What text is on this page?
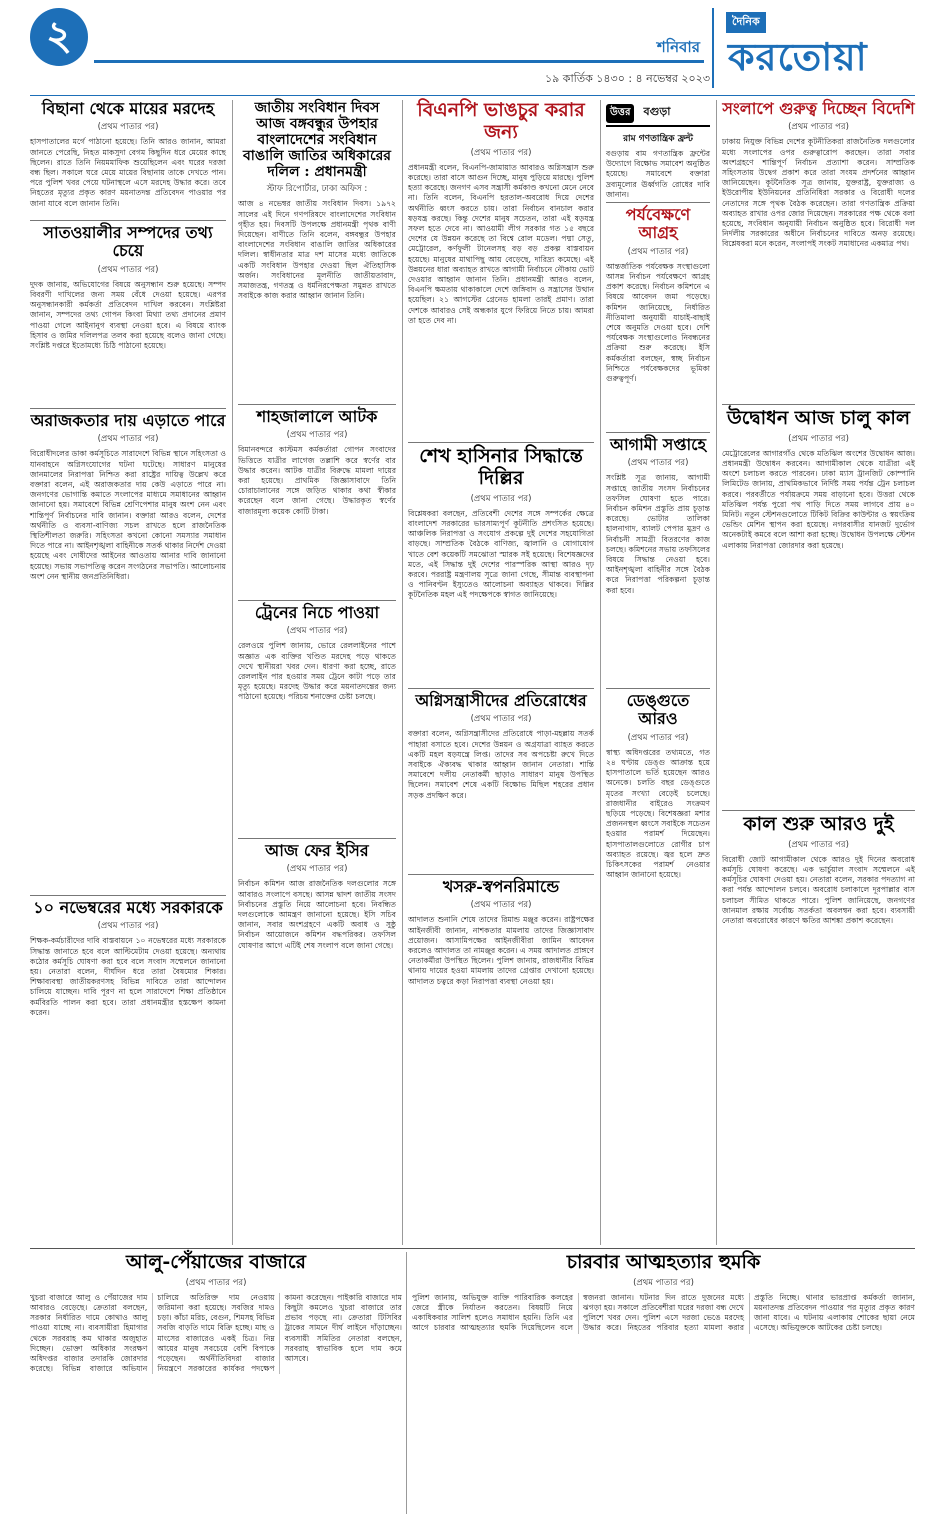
২	শনিবার
১৯ কার্তিক ১৪৩০ : ৪ নভেম্বর ২০২৩
দৈনিক
করতোয়া
বিছানা থেকে মায়ের মরদেহ
(প্রথম পাতার পর)

হাসপাতালের মর্গে পাঠানো হয়েছে। তিনি আরও জানান, আমরা জানতে পেরেছি, নিহত মাকসুদা বেগম কিছুদিন ধরে মেয়ের কাছে ছিলেন। রাতে তিনি নিয়মমাফিক শুয়েছিলেন এবং ঘরের দরজা বন্ধ ছিল। সকালে ঘরে মেয়ে মায়ের বিছানায় তাকে দেখতে পান। পরে পুলিশ খবর পেয়ে ঘটনাস্থলে এসে মরদেহ উদ্ধার করে। তবে নিহতের মৃত্যুর প্রকৃত কারণ ময়নাতদন্ত প্রতিবেদন পাওয়ার পর জানা যাবে বলে জানান তিনি।

সাতওয়ালীর সম্পদের তথ্য চেয়ে
(প্রথম পাতার পর)

দুদক জানায়, অভিযোগের বিষয়ে অনুসন্ধান শুরু হয়েছে। সম্পদ বিবরণী দাখিলের জন্য সময় বেঁধে দেওয়া হয়েছে। এরপর অনুসন্ধানকারী কর্মকর্তা প্রতিবেদন দাখিল করবেন। সংশ্লিষ্টরা জানান, সম্পদের তথ্য গোপন কিংবা মিথ্যা তথ্য প্রদানের প্রমাণ পাওয়া গেলে আইনানুগ ব্যবস্থা নেওয়া হবে। এ বিষয়ে ব্যাংক হিসাব ও জমির দলিলপত্র তলব করা হয়েছে বলেও জানা গেছে। সংশ্লিষ্ট দপ্তরে ইতোমধ্যে চিঠি পাঠানো হয়েছে।

অরাজকতার দায় এড়াতে পারে
(প্রথম পাতার পর)

বিরোধীদলের ডাকা কর্মসূচিতে সারাদেশে বিভিন্ন স্থানে সহিংসতা ও যানবাহনে অগ্নিসংযোগের ঘটনা ঘটেছে। সাধারণ মানুষের জানমালের নিরাপত্তা নিশ্চিত করা রাষ্ট্রের দায়িত্ব উল্লেখ করে বক্তারা বলেন, এই অরাজকতার দায় কেউ এড়াতে পারে না। জনগণের ভোগান্তি কমাতে সংলাপের মাধ্যমে সমাধানের আহ্বান জানানো হয়। সমাবেশে বিভিন্ন শ্রেণিপেশার মানুষ অংশ নেন এবং শান্তিপূর্ণ নির্বাচনের দাবি জানান। বক্তারা আরও বলেন, দেশের অর্থনীতি ও ব্যবসা-বাণিজ্য সচল রাখতে হলে রাজনৈতিক স্থিতিশীলতা জরুরি। সহিংসতা কখনো কোনো সমস্যার সমাধান দিতে পারে না। আইনশৃঙ্খলা বাহিনীকে সতর্ক থাকার নির্দেশ দেওয়া হয়েছে এবং দোষীদের আইনের আওতায় আনার দাবি জানানো হয়েছে। সভায় সভাপতিত্ব করেন সংগঠনের সভাপতি। আলোচনায় অংশ নেন স্থানীয় জনপ্রতিনিধিরা।

১০ নভেম্বরের মধ্যে সরকারকে
(প্রথম পাতার পর)

শিক্ষক-কর্মচারীদের দাবি বাস্তবায়নে ১০ নভেম্বরের মধ্যে সরকারকে সিদ্ধান্ত জানাতে হবে বলে আল্টিমেটাম দেওয়া হয়েছে। অন্যথায় কঠোর কর্মসূচি ঘোষণা করা হবে বলে সংবাদ সম্মেলনে জানানো হয়। নেতারা বলেন, দীর্ঘদিন ধরে তারা বৈষম্যের শিকার। শিক্ষাব্যবস্থা জাতীয়করণসহ বিভিন্ন দাবিতে তারা আন্দোলন চালিয়ে যাচ্ছেন। দাবি পূরণ না হলে সারাদেশে শিক্ষা প্রতিষ্ঠানে কর্মবিরতি পালন করা হবে। তারা প্রধানমন্ত্রীর হস্তক্ষেপ কামনা করেন।

জাতীয় সংবিধান দিবস আজ বঙ্গবন্ধুর উপহার বাংলাদেশের সংবিধান বাঙালি জাতির অধিকারের দলিল : প্রধানমন্ত্রী
স্টাফ রিপোর্টার, ঢাকা অফিস :

আজ ৪ নভেম্বর জাতীয় সংবিধান দিবস। ১৯৭২ সালের এই দিনে গণপরিষদে বাংলাদেশের সংবিধান গৃহীত হয়। দিবসটি উপলক্ষে প্রধানমন্ত্রী পৃথক বাণী দিয়েছেন। বাণীতে তিনি বলেন, বঙ্গবন্ধুর উপহার বাংলাদেশের সংবিধান বাঙালি জাতির অধিকারের দলিল। স্বাধীনতার মাত্র দশ মাসের মধ্যে জাতিকে একটি সংবিধান উপহার দেওয়া ছিল ঐতিহাসিক অর্জন। সংবিধানের মূলনীতি জাতীয়তাবাদ, সমাজতন্ত্র, গণতন্ত্র ও ধর্মনিরপেক্ষতা সমুন্নত রাখতে সবাইকে কাজ করার আহ্বান জানান তিনি।

শাহজালালে আটক
(প্রথম পাতার পর)

বিমানবন্দরে কাস্টমস কর্মকর্তারা গোপন সংবাদের ভিত্তিতে যাত্রীর লাগেজ তল্লাশি করে স্বর্ণের বার উদ্ধার করেন। আটক যাত্রীর বিরুদ্ধে মামলা দায়ের করা হয়েছে। প্রাথমিক জিজ্ঞাসাবাদে তিনি চোরাচালানের সঙ্গে জড়িত থাকার কথা স্বীকার করেছেন বলে জানা গেছে। উদ্ধারকৃত স্বর্ণের বাজারমূল্য কয়েক কোটি টাকা।

ট্রেনের নিচে পাওয়া
(প্রথম পাতার পর)

রেলওয়ে পুলিশ জানায়, ভোরে রেললাইনের পাশে অজ্ঞাত এক ব্যক্তির খণ্ডিত মরদেহ পড়ে থাকতে দেখে স্থানীয়রা খবর দেন। ধারণা করা হচ্ছে, রাতে রেললাইন পার হওয়ার সময় ট্রেনে কাটা পড়ে তার মৃত্যু হয়েছে। মরদেহ উদ্ধার করে ময়নাতদন্তের জন্য পাঠানো হয়েছে। পরিচয় শনাক্তের চেষ্টা চলছে।

আজ ফের ইসির
(প্রথম পাতার পর)

নির্বাচন কমিশন আজ রাজনৈতিক দলগুলোর সঙ্গে আবারও সংলাপে বসছে। আসন্ন দ্বাদশ জাতীয় সংসদ নির্বাচনের প্রস্তুতি নিয়ে আলোচনা হবে। নিবন্ধিত দলগুলোকে আমন্ত্রণ জানানো হয়েছে। ইসি সচিব জানান, সবার অংশগ্রহণে একটি অবাধ ও সুষ্ঠু নির্বাচন আয়োজনে কমিশন বদ্ধপরিকর। তফসিল ঘোষণার আগে এটিই শেষ সংলাপ বলে জানা গেছে।

বিএনপি ভাঙচুর করার জন্য
(প্রথম পাতার পর)

প্রধানমন্ত্রী বলেন, বিএনপি-জামায়াত আবারও অগ্নিসন্ত্রাস শুরু করেছে। তারা বাসে আগুন দিচ্ছে, মানুষ পুড়িয়ে মারছে। পুলিশ হত্যা করেছে। জনগণ এসব সন্ত্রাসী কর্মকাণ্ড কখনো মেনে নেবে না। তিনি বলেন, বিএনপি হরতাল-অবরোধ দিয়ে দেশের অর্থনীতি ধ্বংস করতে চায়। তারা নির্বাচন বানচাল করার ষড়যন্ত্র করছে। কিন্তু দেশের মানুষ সচেতন, তারা এই ষড়যন্ত্র সফল হতে দেবে না। আওয়ামী লীগ সরকার গত ১৫ বছরে দেশের যে উন্নয়ন করেছে তা বিশ্বে রোল মডেল। পদ্মা সেতু, মেট্রোরেল, কর্ণফুলী টানেলসহ বড় বড় প্রকল্প বাস্তবায়ন হয়েছে। মানুষের মাথাপিছু আয় বেড়েছে, দারিদ্র্য কমেছে। এই উন্নয়নের ধারা অব্যাহত রাখতে আগামী নির্বাচনে নৌকায় ভোট দেওয়ার আহ্বান জানান তিনি। প্রধানমন্ত্রী আরও বলেন, বিএনপি ক্ষমতায় থাকাকালে দেশে জঙ্গিবাদ ও সন্ত্রাসের উত্থান হয়েছিল। ২১ আগস্টের গ্রেনেড হামলা তারই প্রমাণ। তারা দেশকে আবারও সেই অন্ধকার যুগে ফিরিয়ে নিতে চায়। আমরা তা হতে দেব না।

শেখ হাসিনার সিদ্ধান্তে দিল্লির
(প্রথম পাতার পর)

বিশ্লেষকরা বলছেন, প্রতিবেশী দেশের সঙ্গে সম্পর্কের ক্ষেত্রে বাংলাদেশ সরকারের ভারসাম্যপূর্ণ কূটনীতি প্রশংসিত হয়েছে। আঞ্চলিক নিরাপত্তা ও সংযোগ প্রকল্পে দুই দেশের সহযোগিতা বাড়ছে। সাম্প্রতিক বৈঠকে বাণিজ্য, জ্বালানি ও যোগাযোগ খাতে বেশ কয়েকটি সমঝোতা স্মারক সই হয়েছে। বিশেষজ্ঞদের মতে, এই সিদ্ধান্ত দুই দেশের পারস্পরিক আস্থা আরও দৃঢ় করবে। পররাষ্ট্র মন্ত্রণালয় সূত্রে জানা গেছে, সীমান্ত ব্যবস্থাপনা ও পানিবণ্টন ইস্যুতেও আলোচনা অব্যাহত থাকবে। দিল্লির কূটনৈতিক মহল এই পদক্ষেপকে স্বাগত জানিয়েছে।

অগ্নিসন্ত্রাসীদের প্রতিরোধের
(প্রথম পাতার পর)

বক্তারা বলেন, অগ্নিসন্ত্রাসীদের প্রতিরোধে পাড়া-মহল্লায় সতর্ক পাহারা বসাতে হবে। দেশের উন্নয়ন ও অগ্রযাত্রা ব্যাহত করতে একটি মহল ষড়যন্ত্রে লিপ্ত। তাদের সব অপচেষ্টা রুখে দিতে সবাইকে ঐক্যবদ্ধ থাকার আহ্বান জানান নেতারা। শান্তি সমাবেশে দলীয় নেতাকর্মী ছাড়াও সাধারণ মানুষ উপস্থিত ছিলেন। সমাবেশ শেষে একটি বিক্ষোভ মিছিল শহরের প্রধান সড়ক প্রদক্ষিণ করে।

খসরু-স্বপনরিমান্ডে
(প্রথম পাতার পর)

আদালত শুনানি শেষে তাদের রিমান্ড মঞ্জুর করেন। রাষ্ট্রপক্ষের আইনজীবী জানান, নাশকতার মামলায় তাদের জিজ্ঞাসাবাদ প্রয়োজন। আসামিপক্ষের আইনজীবীরা জামিন আবেদন করলেও আদালত তা নামঞ্জুর করেন। এ সময় আদালত প্রাঙ্গণে নেতাকর্মীরা উপস্থিত ছিলেন। পুলিশ জানায়, রাজধানীর বিভিন্ন থানায় দায়ের হওয়া মামলায় তাদের গ্রেপ্তার দেখানো হয়েছে। আদালত চত্বরে কড়া নিরাপত্তা ব্যবস্থা নেওয়া হয়।

উত্তর বগুড়া
রাম গণতান্ত্রিক ফ্রন্ট

বগুড়ায় বাম গণতান্ত্রিক ফ্রন্টের উদ্যোগে বিক্ষোভ সমাবেশ অনুষ্ঠিত হয়েছে। সমাবেশে বক্তারা দ্রব্যমূল্যের ঊর্ধ্বগতি রোধের দাবি জানান।

পর্যবেক্ষণে আগ্রহ
(প্রথম পাতার পর)

আন্তর্জাতিক পর্যবেক্ষক সংস্থাগুলো আসন্ন নির্বাচন পর্যবেক্ষণে আগ্রহ প্রকাশ করেছে। নির্বাচন কমিশনে এ বিষয়ে আবেদন জমা পড়েছে। কমিশন জানিয়েছে, নির্ধারিত নীতিমালা অনুযায়ী যাচাই-বাছাই শেষে অনুমতি দেওয়া হবে। দেশি পর্যবেক্ষক সংস্থাগুলোও নিবন্ধনের প্রক্রিয়া শুরু করেছে। ইসি কর্মকর্তারা বলছেন, স্বচ্ছ নির্বাচন নিশ্চিতে পর্যবেক্ষকদের ভূমিকা গুরুত্বপূর্ণ।

আগামী সপ্তাহে
(প্রথম পাতার পর)

সংশ্লিষ্ট সূত্র জানায়, আগামী সপ্তাহে জাতীয় সংসদ নির্বাচনের তফসিল ঘোষণা হতে পারে। নির্বাচন কমিশন প্রস্তুতি প্রায় চূড়ান্ত করেছে। ভোটার তালিকা হালনাগাদ, ব্যালট পেপার মুদ্রণ ও নির্বাচনী সামগ্রী বিতরণের কাজ চলছে। কমিশনের সভায় তফসিলের বিষয়ে সিদ্ধান্ত নেওয়া হবে। আইনশৃঙ্খলা বাহিনীর সঙ্গে বৈঠক করে নিরাপত্তা পরিকল্পনা চূড়ান্ত করা হবে।

ডেঙ্গুতে আরও
(প্রথম পাতার পর)

স্বাস্থ্য অধিদপ্তরের তথ্যমতে, গত ২৪ ঘণ্টায় ডেঙ্গু আক্রান্ত হয়ে হাসপাতালে ভর্তি হয়েছেন আরও অনেকে। চলতি বছর ডেঙ্গুতে মৃতের সংখ্যা বেড়েই চলেছে। রাজধানীর বাইরেও সংক্রমণ ছড়িয়ে পড়েছে। বিশেষজ্ঞরা মশার প্রজননস্থল ধ্বংসে সবাইকে সচেতন হওয়ার পরামর্শ দিয়েছেন। হাসপাতালগুলোতে রোগীর চাপ অব্যাহত রয়েছে। জ্বর হলে দ্রুত চিকিৎসকের পরামর্শ নেওয়ার আহ্বান জানানো হয়েছে।

সংলাপে গুরুত্ব দিচ্ছেন বিদেশি
(প্রথম পাতার পর)

ঢাকায় নিযুক্ত বিভিন্ন দেশের কূটনীতিকরা রাজনৈতিক দলগুলোর মধ্যে সংলাপের ওপর গুরুত্বারোপ করছেন। তারা সবার অংশগ্রহণে শান্তিপূর্ণ নির্বাচন প্রত্যাশা করেন। সাম্প্রতিক সহিংসতায় উদ্বেগ প্রকাশ করে তারা সংযম প্রদর্শনের আহ্বান জানিয়েছেন। কূটনৈতিক সূত্র জানায়, যুক্তরাষ্ট্র, যুক্তরাজ্য ও ইউরোপীয় ইউনিয়নের প্রতিনিধিরা সরকার ও বিরোধী দলের নেতাদের সঙ্গে পৃথক বৈঠক করেছেন। তারা গণতান্ত্রিক প্রক্রিয়া অব্যাহত রাখার ওপর জোর দিয়েছেন। সরকারের পক্ষ থেকে বলা হয়েছে, সংবিধান অনুযায়ী নির্বাচন অনুষ্ঠিত হবে। বিরোধী দল নির্দলীয় সরকারের অধীনে নির্বাচনের দাবিতে অনড় রয়েছে। বিশ্লেষকরা মনে করেন, সংলাপই সংকট সমাধানের একমাত্র পথ।

উদ্বোধন আজ চালু কাল
(প্রথম পাতার পর)

মেট্রোরেলের আগারগাঁও থেকে মতিঝিল অংশের উদ্বোধন আজ। প্রধানমন্ত্রী উদ্বোধন করবেন। আগামীকাল থেকে যাত্রীরা এই অংশে চলাচল করতে পারবেন। ঢাকা ম্যাস ট্রানজিট কোম্পানি লিমিটেড জানায়, প্রাথমিকভাবে নির্দিষ্ট সময় পর্যন্ত ট্রেন চলাচল করবে। পরবর্তীতে পর্যায়ক্রমে সময় বাড়ানো হবে। উত্তরা থেকে মতিঝিল পর্যন্ত পুরো পথ পাড়ি দিতে সময় লাগবে প্রায় ৪০ মিনিট। নতুন স্টেশনগুলোতে টিকিট বিক্রির কাউন্টার ও স্বয়ংক্রিয় ভেন্ডিং মেশিন স্থাপন করা হয়েছে। নগরবাসীর যানজট দুর্ভোগ অনেকটাই কমবে বলে আশা করা হচ্ছে। উদ্বোধন উপলক্ষে স্টেশন এলাকায় নিরাপত্তা জোরদার করা হয়েছে।

কাল শুরু আরও দুই
(প্রথম পাতার পর)

বিরোধী জোট আগামীকাল থেকে আরও দুই দিনের অবরোধ কর্মসূচি ঘোষণা করেছে। এক ভার্চুয়াল সংবাদ সম্মেলনে এই কর্মসূচির ঘোষণা দেওয়া হয়। নেতারা বলেন, সরকার পদত্যাগ না করা পর্যন্ত আন্দোলন চলবে। অবরোধ চলাকালে দূরপাল্লার বাস চলাচল সীমিত থাকতে পারে। পুলিশ জানিয়েছে, জনগণের জানমাল রক্ষায় সর্বোচ্চ সতর্কতা অবলম্বন করা হবে। ব্যবসায়ী নেতারা অবরোধের কারণে ক্ষতির আশঙ্কা প্রকাশ করেছেন।

আলু-পেঁয়াজের বাজারে
(প্রথম পাতার পর)

খুচরা বাজারে আলু ও পেঁয়াজের দাম আবারও বেড়েছে। ক্রেতারা বলছেন, সরকার নির্ধারিত দামে কোথাও আলু পাওয়া যাচ্ছে না। ব্যবসায়ীরা হিমাগার থেকে সরবরাহ কম থাকার অজুহাত দিচ্ছেন। ভোক্তা অধিকার সংরক্ষণ অধিদপ্তর বাজার তদারকি জোরদার করেছে। বিভিন্ন বাজারে অভিযান চালিয়ে অতিরিক্ত দাম নেওয়ায় জরিমানা করা হয়েছে। সবজির দামও চড়া। কাঁচা মরিচ, বেগুন, শিমসহ বিভিন্ন সবজি বাড়তি দামে বিক্রি হচ্ছে। মাছ ও মাংসের বাজারেও একই চিত্র। নিম্ন আয়ের মানুষ সবচেয়ে বেশি বিপাকে পড়েছেন। অর্থনীতিবিদরা বাজার নিয়ন্ত্রণে সরকারের কার্যকর পদক্ষেপ কামনা করেছেন। পাইকারি বাজারে দাম কিছুটা কমলেও খুচরা বাজারে তার প্রভাব পড়ছে না। ক্রেতারা টিসিবির ট্রাকের সামনে দীর্ঘ লাইনে দাঁড়াচ্ছেন। ব্যবসায়ী সমিতির নেতারা বলছেন, সরবরাহ স্বাভাবিক হলে দাম কমে আসবে।

চারবার আত্মহত্যার হুমকি
(প্রথম পাতার পর)

পুলিশ জানায়, অভিযুক্ত ব্যক্তি পারিবারিক কলহের জেরে স্ত্রীকে নির্যাতন করতেন। বিষয়টি নিয়ে একাধিকবার সালিশ হলেও সমাধান হয়নি। তিনি এর আগে চারবার আত্মহত্যার হুমকি দিয়েছিলেন বলে স্বজনরা জানান। ঘটনার দিন রাতে দুজনের মধ্যে ঝগড়া হয়। সকালে প্রতিবেশীরা ঘরের দরজা বন্ধ দেখে পুলিশে খবর দেন। পুলিশ এসে দরজা ভেঙে মরদেহ উদ্ধার করে। নিহতের পরিবার হত্যা মামলা করার প্রস্তুতি নিচ্ছে। থানার ভারপ্রাপ্ত কর্মকর্তা জানান, ময়নাতদন্ত প্রতিবেদন পাওয়ার পর মৃত্যুর প্রকৃত কারণ জানা যাবে। এ ঘটনায় এলাকায় শোকের ছায়া নেমে এসেছে। অভিযুক্তকে আটকের চেষ্টা চলছে।
